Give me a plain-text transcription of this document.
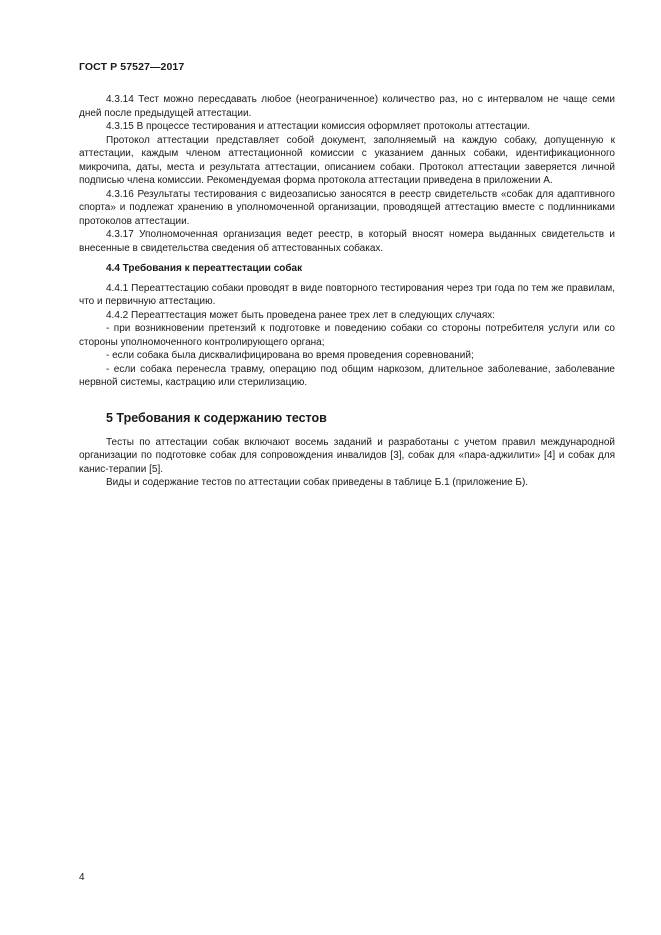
ГОСТ Р 57527—2017

4.3.14 Тест можно пересдавать любое (неограниченное) количество раз, но с интервалом не чаще семи дней после предыдущей аттестации.

4.3.15 В процессе тестирования и аттестации комиссия оформляет протоколы аттестации.

Протокол аттестации представляет собой документ, заполняемый на каждую собаку, допущенную к аттестации, каждым членом аттестационной комиссии с указанием данных собаки, идентификационного микрочипа, даты, места и результата аттестации, описанием собаки. Протокол аттестации заверяется личной подписью члена комиссии. Рекомендуемая форма протокола аттестации приведена в приложении А.

4.3.16 Результаты тестирования с видеозаписью заносятся в реестр свидетельств «собак для адаптивного спорта» и подлежат хранению в уполномоченной организации, проводящей аттестацию вместе с подлинниками протоколов аттестации.

4.3.17 Уполномоченная организация ведет реестр, в который вносят номера выданных свидетельств и внесенные в свидетельства сведения об аттестованных собаках.

4.4 Требования к переаттестации собак

4.4.1 Переаттестацию собаки проводят в виде повторного тестирования через три года по тем же правилам, что и первичную аттестацию.

4.4.2 Переаттестация может быть проведена ранее трех лет в следующих случаях:

- при возникновении претензий к подготовке и поведению собаки со стороны потребителя услуги или со стороны уполномоченного контролирующего органа;

- если собака была дисквалифицирована во время проведения соревнований;

- если собака перенесла травму, операцию под общим наркозом, длительное заболевание, заболевание нервной системы, кастрацию или стерилизацию.

5 Требования к содержанию тестов

Тесты по аттестации собак включают восемь заданий и разработаны с учетом правил международной организации по подготовке собак для сопровождения инвалидов [3], собак для «пара-аджилити» [4] и собак для канис-терапии [5].

Виды и содержание тестов по аттестации собак приведены в таблице Б.1 (приложение Б).

4
